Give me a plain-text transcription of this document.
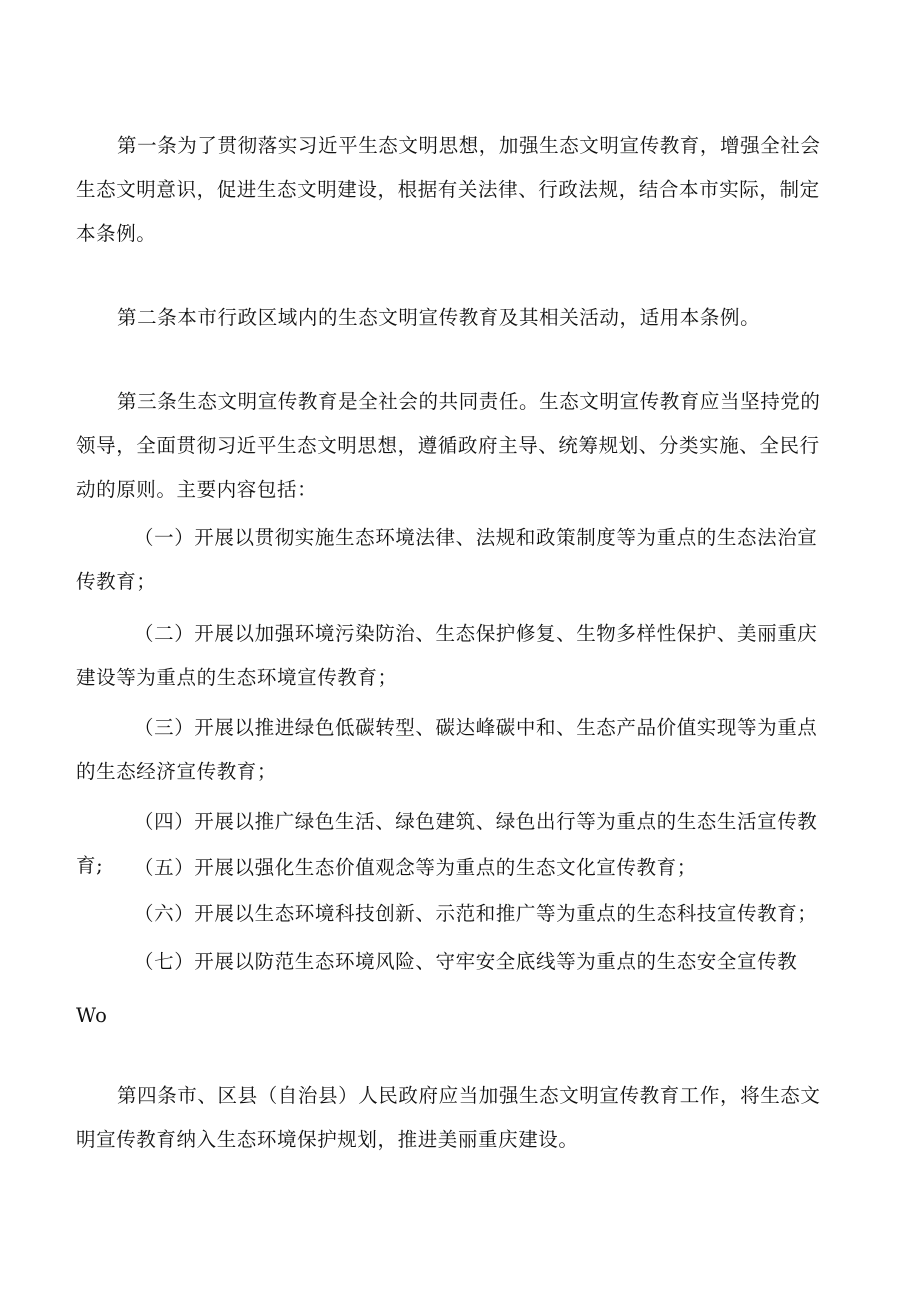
第一条为了贯彻落实习近平生态文明思想，加强生态文明宣传教育，增强全社会生态文明意识，促进生态文明建设，根据有关法律、行政法规，结合本市实际，制定本条例。

第二条本市行政区域内的生态文明宣传教育及其相关活动，适用本条例。

第三条生态文明宣传教育是全社会的共同责任。生态文明宣传教育应当坚持党的领导，全面贯彻习近平生态文明思想，遵循政府主导、统筹规划、分类实施、全民行动的原则。主要内容包括：

（一）开展以贯彻实施生态环境法律、法规和政策制度等为重点的生态法治宣传教育；

（二）开展以加强环境污染防治、生态保护修复、生物多样性保护、美丽重庆建设等为重点的生态环境宣传教育；

（三）开展以推进绿色低碳转型、碳达峰碳中和、生态产品价值实现等为重点的生态经济宣传教育；

（四）开展以推广绿色生活、绿色建筑、绿色出行等为重点的生态生活宣传教育;	（五）开展以强化生态价值观念等为重点的生态文化宣传教育；

（六）开展以生态环境科技创新、示范和推广等为重点的生态科技宣传教育；

（七）开展以防范生态环境风险、守牢安全底线等为重点的生态安全宣传教

Wo

第四条市、区县（自治县）人民政府应当加强生态文明宣传教育工作，将生态文明宣传教育纳入生态环境保护规划，推进美丽重庆建设。
